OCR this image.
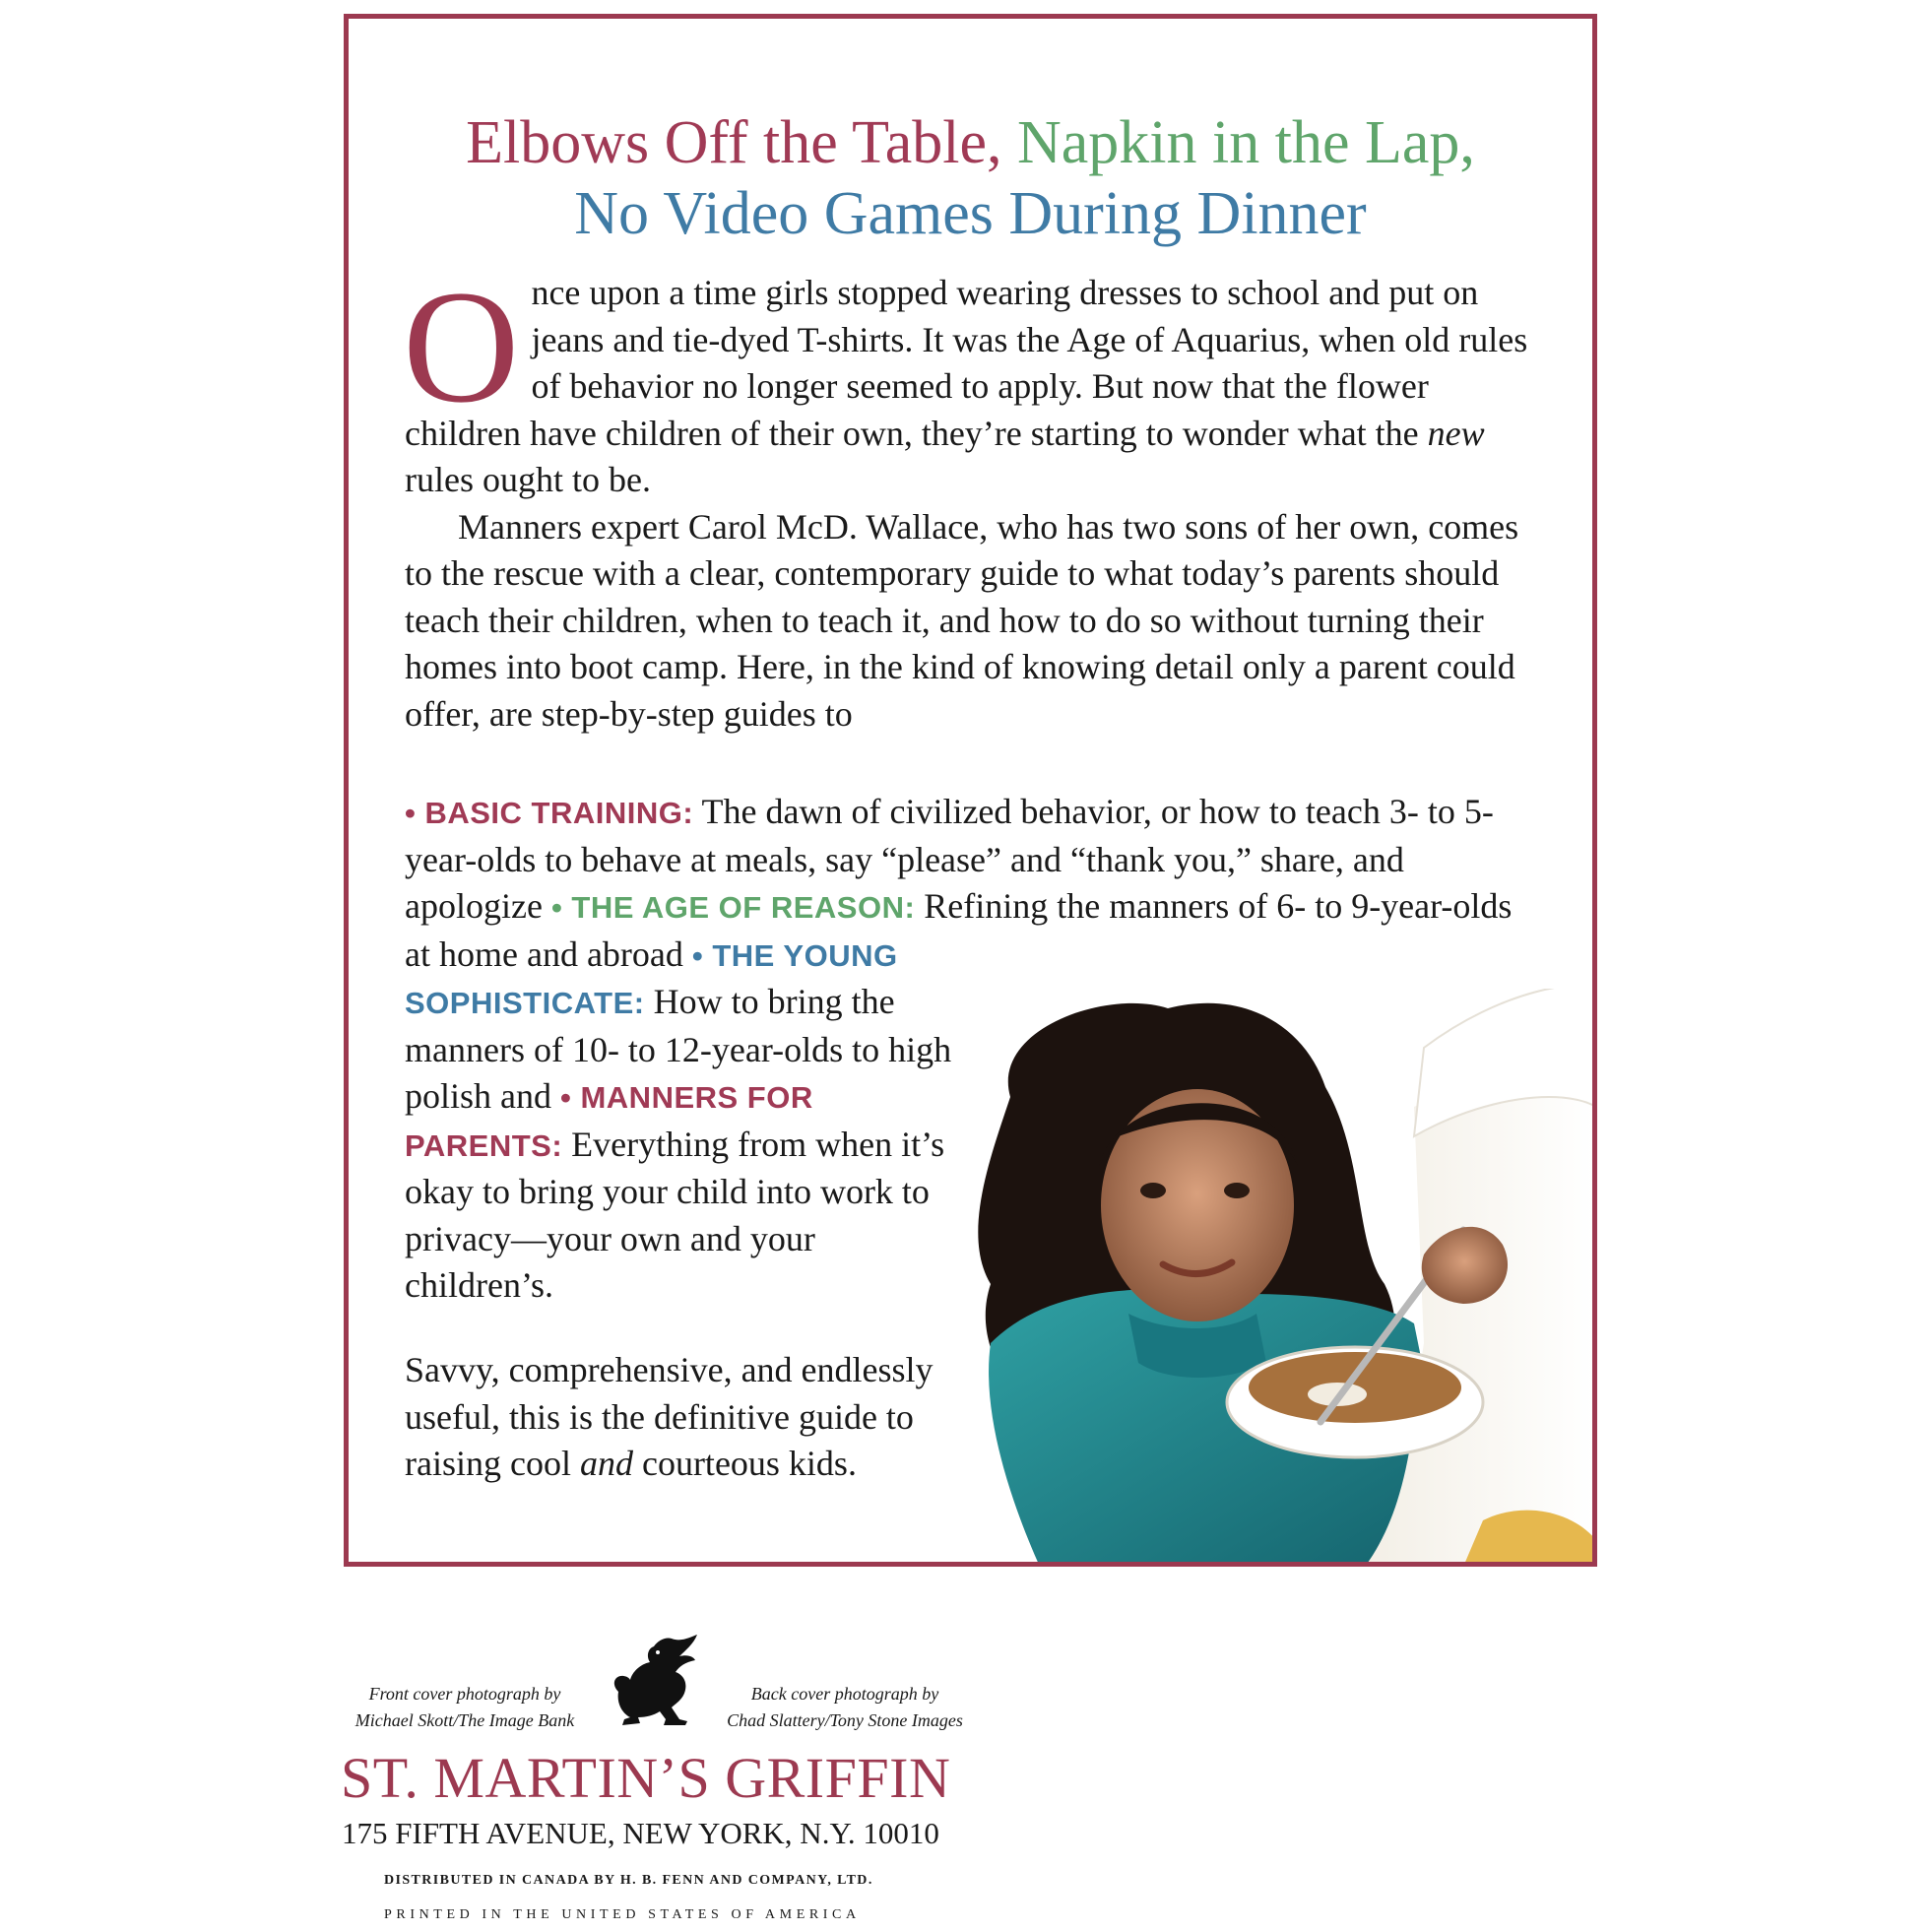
Elbows Off the Table, Napkin in the Lap,
No Video Games During Dinner

Once upon a time girls stopped wearing dresses to school and put on jeans and tie-dyed T-shirts. It was the Age of Aquarius, when old rules of behavior no longer seemed to apply. But now that the flower children have children of their own, they’re starting to wonder what the new rules ought to be.

Manners expert Carol McD. Wallace, who has two sons of her own, comes to the rescue with a clear, contemporary guide to what today’s parents should teach their children, when to teach it, and how to do so without turning their homes into boot camp. Here, in the kind of knowing detail only a parent could offer, are step-by-step guides to

• BASIC TRAINING: The dawn of civilized behavior, or how to teach 3- to 5-year-olds to behave at meals, say “please” and “thank you,” share, and apologize • THE AGE OF REASON: Refining the manners of 6- to 9-year-olds at home and abroad • THE YOUNG SOPHISTICATE: How to bring the manners of 10- to 12-year-olds to high polish and • MANNERS FOR PARENTS: Everything from when it’s okay to bring your child into work to privacy—your own and your children’s.

Savvy, comprehensive, and endlessly useful, this is the definitive guide to raising cool and courteous kids.

Front cover photograph by
Michael Skott/The Image Bank
Back cover photograph by
Chad Slattery/Tony Stone Images
ST. MARTIN’S GRIFFIN
175 FIFTH AVENUE, NEW YORK, N.Y. 10010
DISTRIBUTED IN CANADA BY H. B. FENN AND COMPANY, LTD.
PRINTED IN THE UNITED STATES OF AMERICA
